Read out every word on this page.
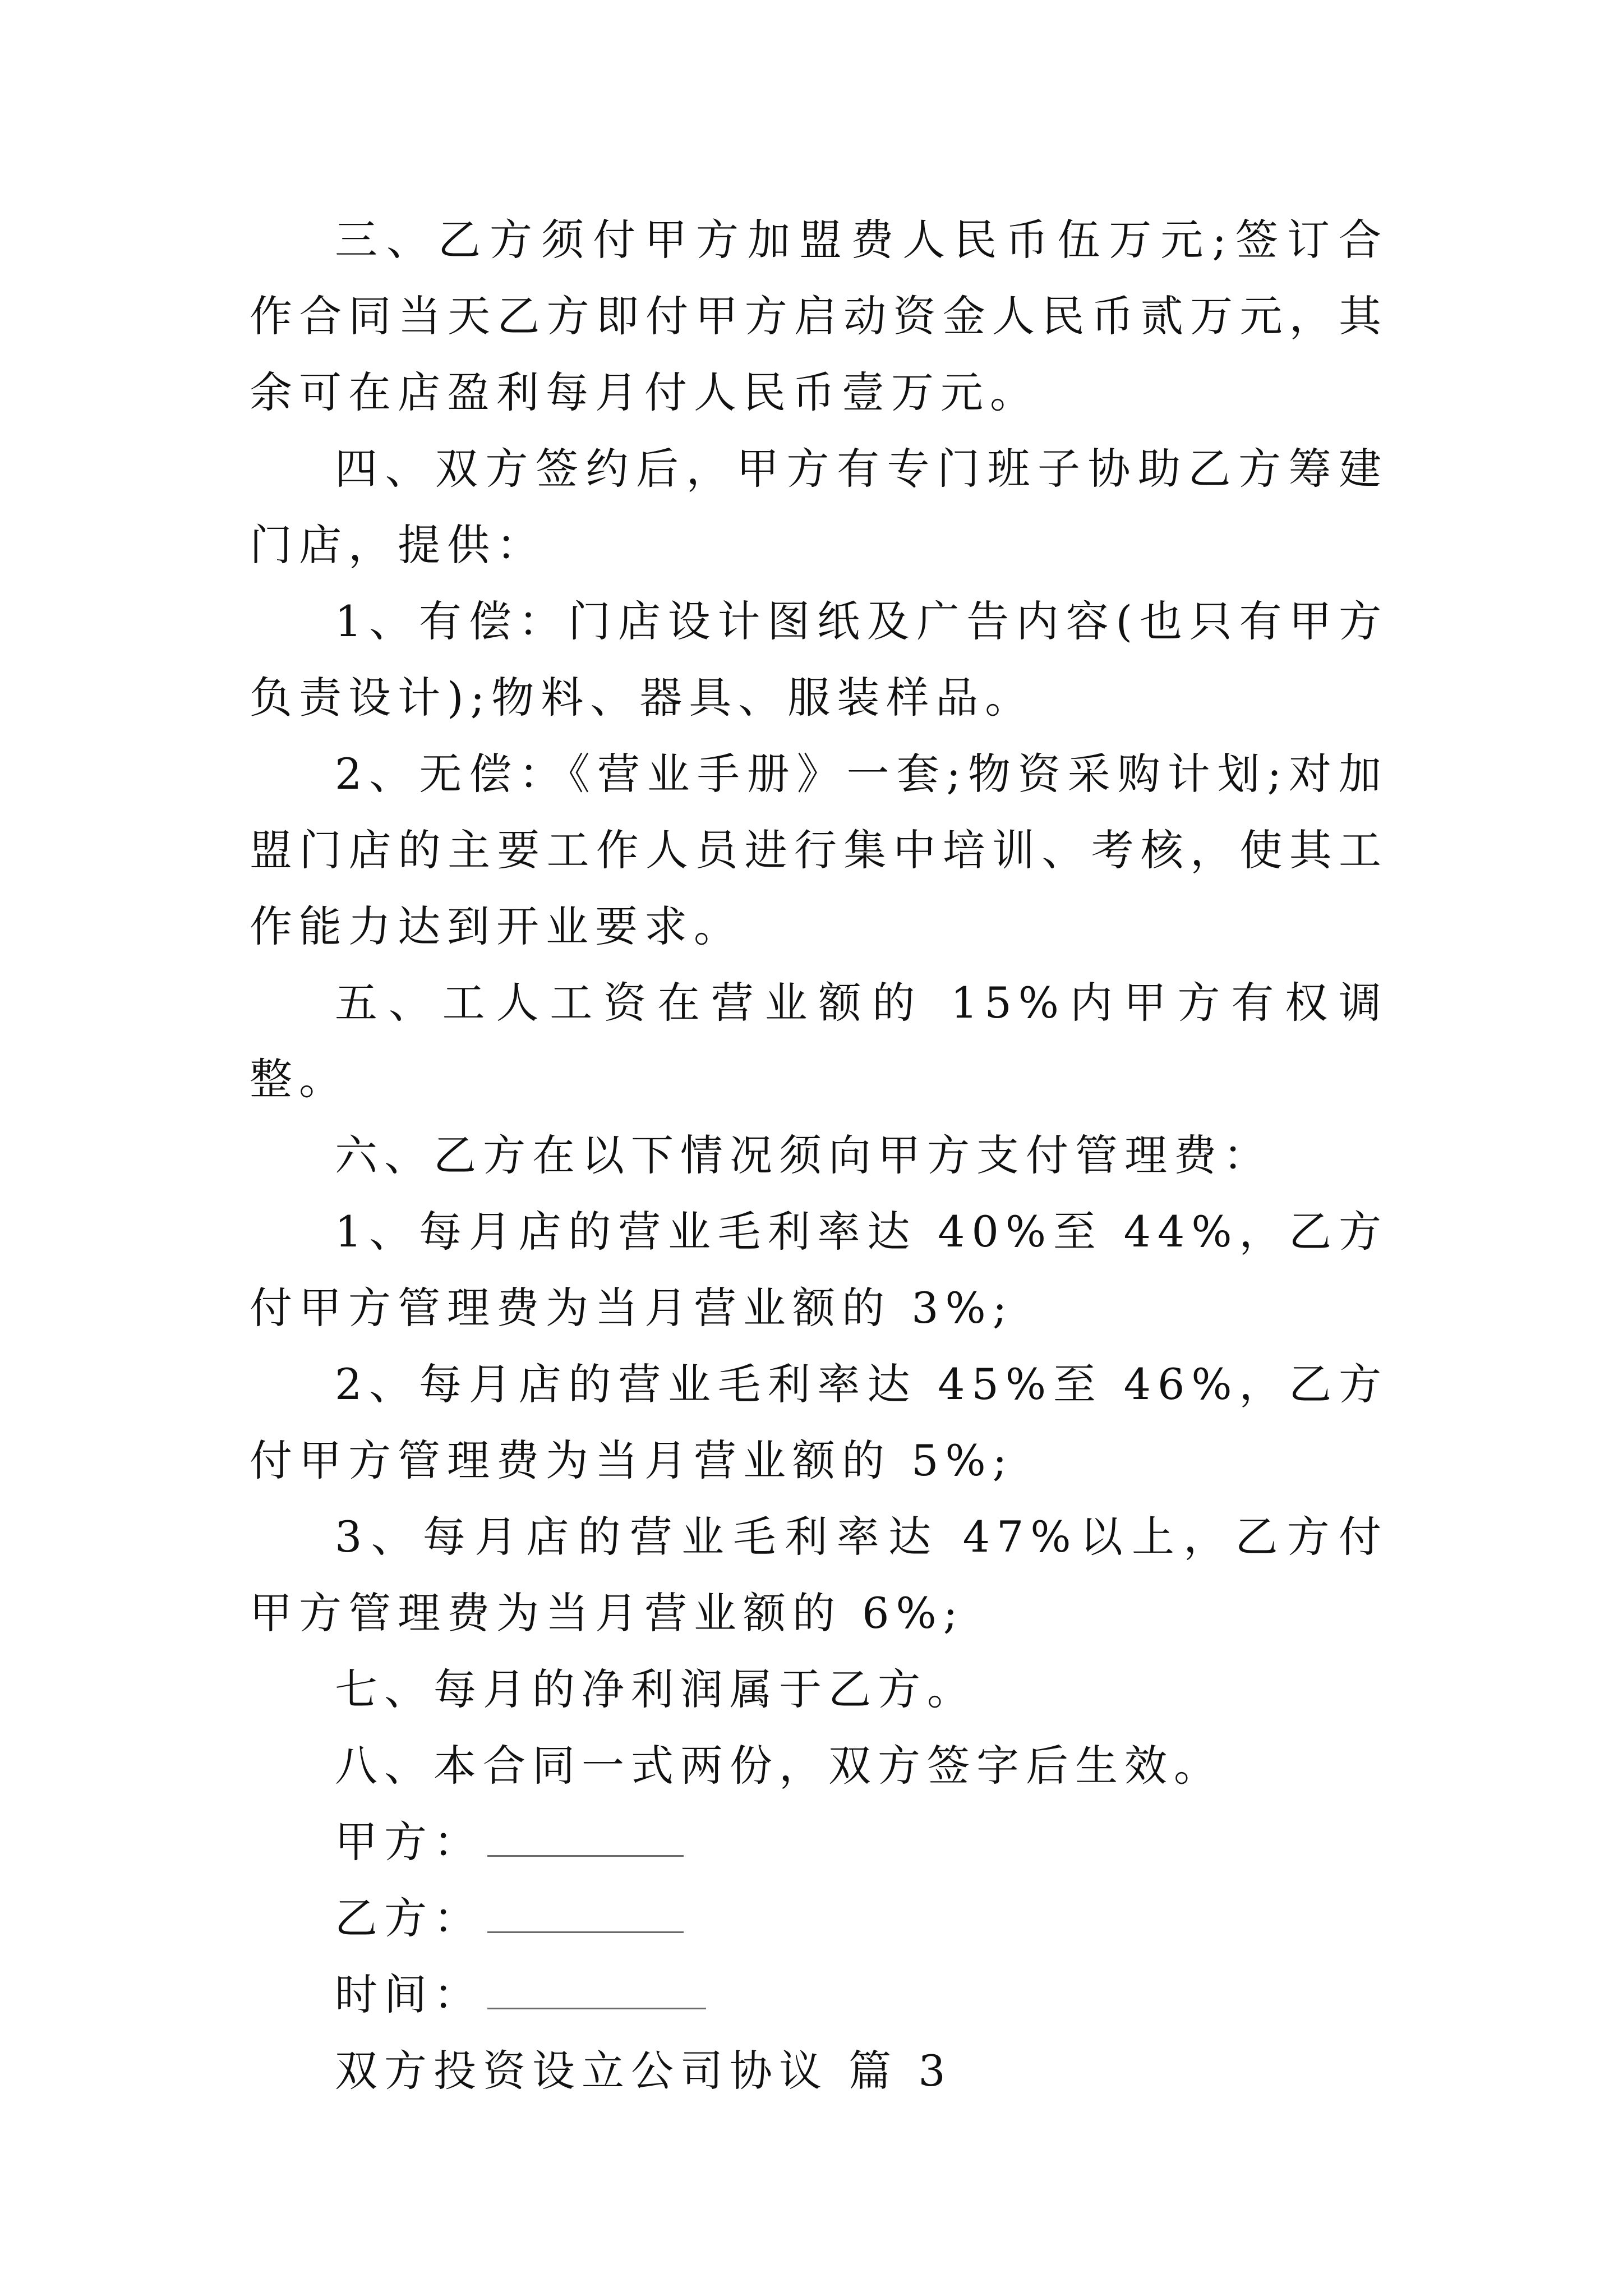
三、乙方须付甲方加盟费人民币伍万元;签订合作合同当天乙方即付甲方启动资金人民币贰万元，其余可在店盈利每月付人民币壹万元。

四、双方签约后，甲方有专门班子协助乙方筹建门店，提供：

1、有偿：门店设计图纸及广告内容(也只有甲方负责设计);物料、器具、服装样品。

2、无偿：《营业手册》一套;物资采购计划;对加盟门店的主要工作人员进行集中培训、考核，使其工作能力达到开业要求。

五、工人工资在营业额的 15%内甲方有权调整。

六、乙方在以下情况须向甲方支付管理费：

1、每月店的营业毛利率达 40%至 44%，乙方付甲方管理费为当月营业额的 3%;

2、每月店的营业毛利率达 45%至 46%，乙方付甲方管理费为当月营业额的 5%;

3、每月店的营业毛利率达 47%以上，乙方付甲方管理费为当月营业额的 6%;

七、每月的净利润属于乙方。

八、本合同一式两份，双方签字后生效。

甲方：

乙方：

时间：

双方投资设立公司协议 篇 3
